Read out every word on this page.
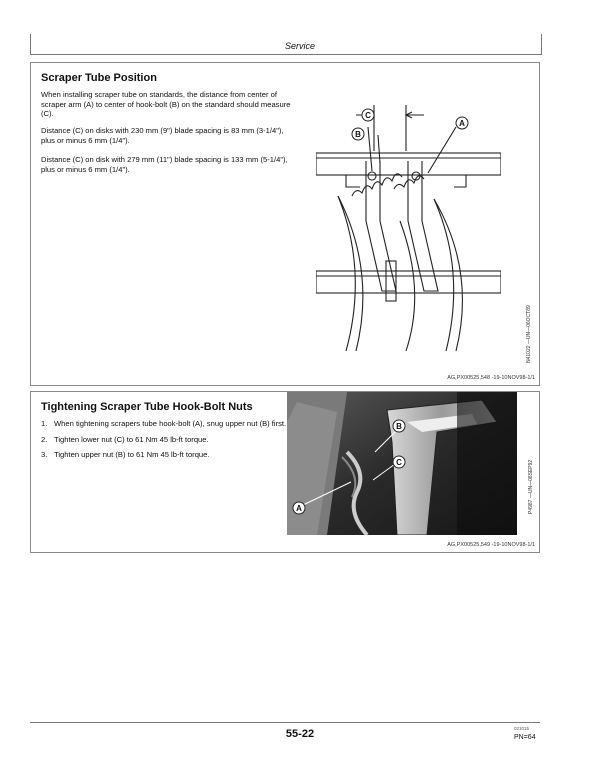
Service
Scraper Tube Position

When installing scraper tube on standards, the distance from center of scraper arm (A) to center of hook-bolt (B) on the standard should measure (C).

Distance (C) on disks with 230 mm (9") blade spacing is 83 mm (3-1/4"), plus or minus 6 mm (1/4").

Distance (C) on disk with 279 mm (11") blade spacing is 133 mm (5-1/4"), plus or minus 6 mm (1/4").

C
B
A
N41022 —UN—06OCT89
AG,PX00525,548 -19-10NOV98-1/1
Tightening Scraper Tube Hook-Bolt Nuts
1. When tightening scrapers tube hook-bolt (A), snug upper nut (B) first.
2. Tighten lower nut (C) to 61 Nm 45 lb-ft torque.
3. Tighten upper nut (B) to 61 Nm 45 lb-ft torque.
B
C
A	P4987 —UN—08SEP92
AG,PX00525,549 -19-10NOV98-1/1
55-22	021015
PN=64
